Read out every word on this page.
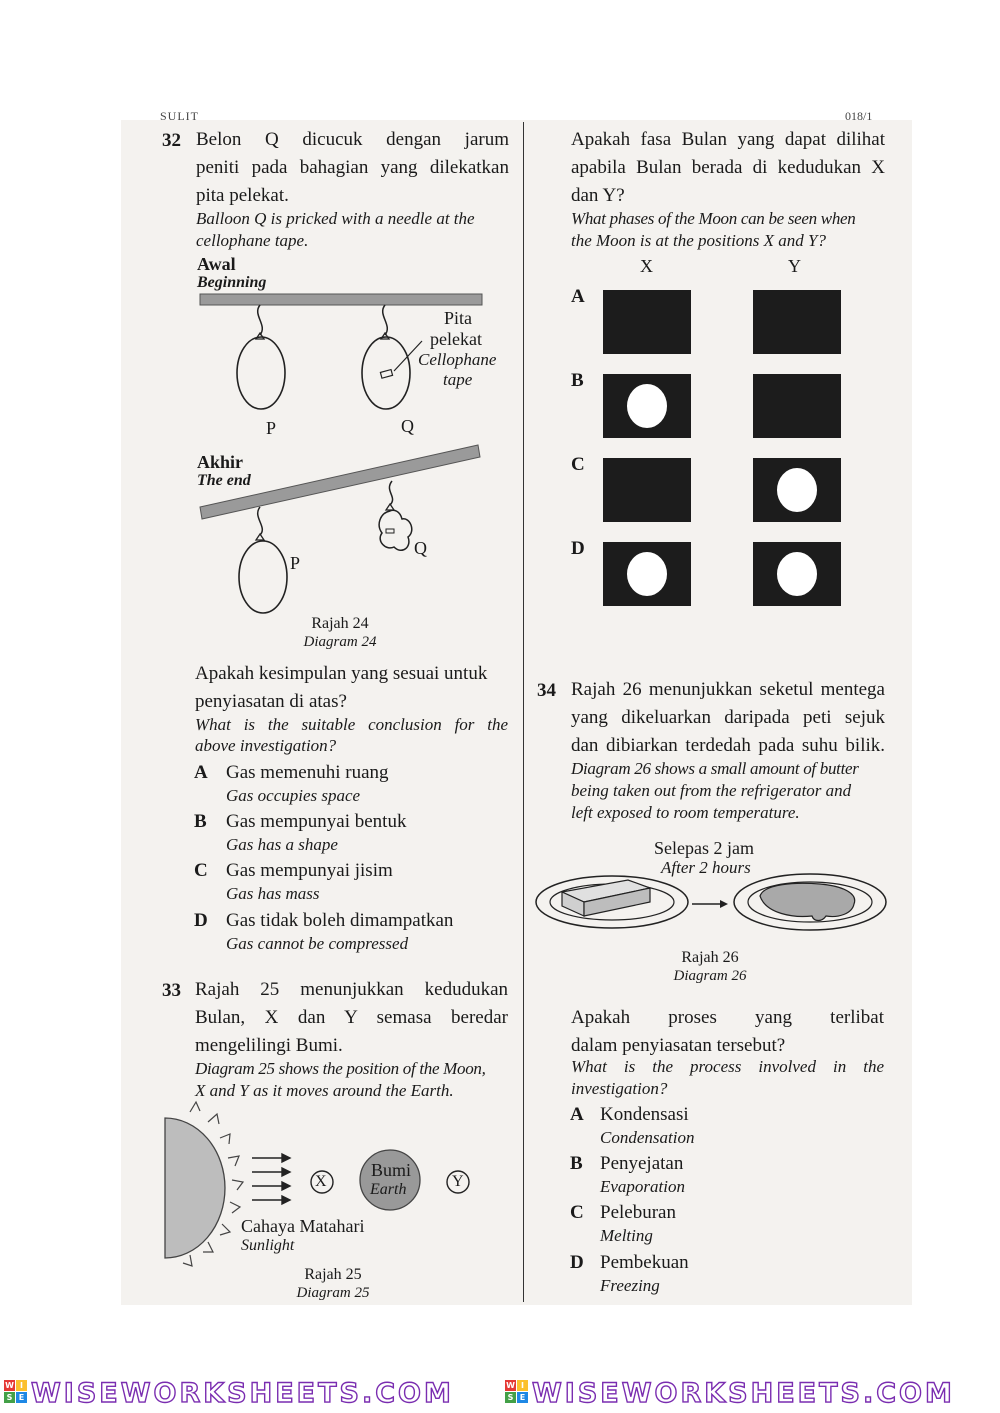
SULIT	018/1
32 Belon Q dicucuk dengan jarum
peniti pada bahagian yang dilekatkan
pita pelekat.
Balloon Q is pricked with a needle at the
cellophane tape.
Awal
Beginning
Pita
pelekat
Cellophane
tape
P	Q
Akhir
The end
P
Q
Rajah 24
Diagram 24
Apakah kesimpulan yang sesuai untuk
penyiasatan di atas?
What is the suitable conclusion for the
above investigation?
A Gas memenuhi ruang
Gas occupies space
B Gas mempunyai bentuk
Gas has a shape
C Gas mempunyai jisim
Gas has mass
D Gas tidak boleh dimampatkan
Gas cannot be compressed
33 Rajah 25 menunjukkan kedudukan
Bulan, X dan Y semasa beredar
mengelilingi Bumi.
Diagram 25 shows the position of the Moon,
X and Y as it moves around the Earth.
X	Y
Bumi
Earth
Cahaya Matahari
Sunlight
Rajah 25
Diagram 25
Apakah fasa Bulan yang dapat dilihat
apabila Bulan berada di kedudukan X
dan Y?
What phases of the Moon can be seen when
the Moon is at the positions X and Y?
X	Y
A
B
C
D
34 Rajah 26 menunjukkan seketul mentega
yang dikeluarkan daripada peti sejuk
dan dibiarkan terdedah pada suhu bilik.
Diagram 26 shows a small amount of butter
being taken out from the refrigerator and
left exposed to room temperature.
Selepas 2 jam
After 2 hours
Rajah 26
Diagram 26
Apakah proses yang terlibat
dalam penyiasatan tersebut?
What is the process involved in the
investigation?
A Kondensasi
Condensation
B Penyejatan
Evaporation
C Peleburan
Melting
D Pembekuan
Freezing
W I
S E WISEWORKSHEETS.COM	W I
S E WISEWORKSHEETS.COM
